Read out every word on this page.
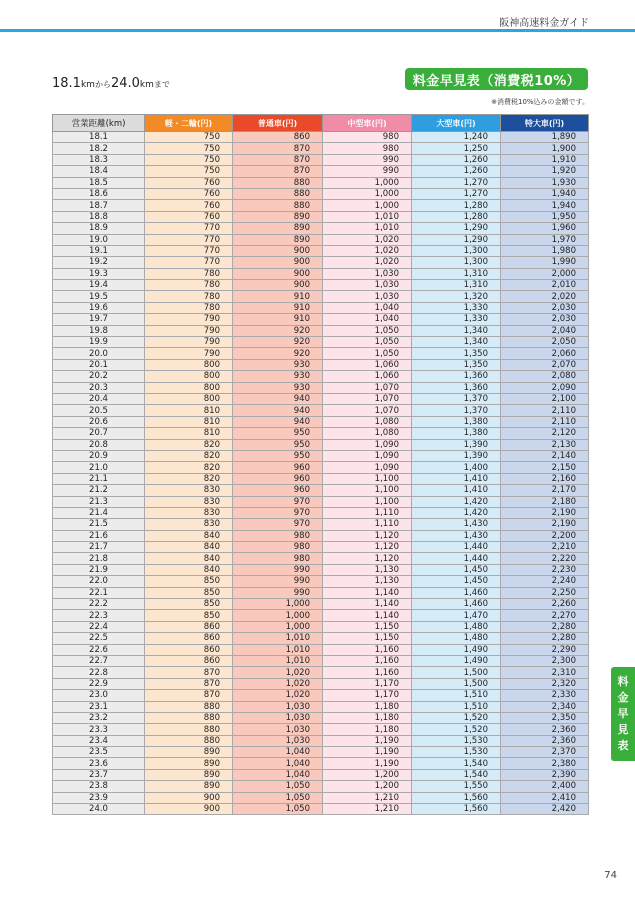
阪神高速料金ガイド
18.1kmから24.0kmまで	料金早見表（消費税10%）
※消費税10%込みの金額です。
営業距離(km)	軽・二輪(円)	普通車(円)	中型車(円)	大型車(円)	特大車(円)
18.1	750	860	980	1,240	1,890
18.2	750	870	980	1,250	1,900
18.3	750	870	990	1,260	1,910
18.4	750	870	990	1,260	1,920
18.5	760	880	1,000	1,270	1,930
18.6	760	880	1,000	1,270	1,940
18.7	760	880	1,000	1,280	1,940
18.8	760	890	1,010	1,280	1,950
18.9	770	890	1,010	1,290	1,960
19.0	770	890	1,020	1,290	1,970
19.1	770	900	1,020	1,300	1,980
19.2	770	900	1,020	1,300	1,990
19.3	780	900	1,030	1,310	2,000
19.4	780	900	1,030	1,310	2,010
19.5	780	910	1,030	1,320	2,020
19.6	780	910	1,040	1,330	2,030
19.7	790	910	1,040	1,330	2,030
19.8	790	920	1,050	1,340	2,040
19.9	790	920	1,050	1,340	2,050
20.0	790	920	1,050	1,350	2,060
20.1	800	930	1,060	1,350	2,070
20.2	800	930	1,060	1,360	2,080
20.3	800	930	1,070	1,360	2,090
20.4	800	940	1,070	1,370	2,100
20.5	810	940	1,070	1,370	2,110
20.6	810	940	1,080	1,380	2,110
20.7	810	950	1,080	1,380	2,120
20.8	820	950	1,090	1,390	2,130
20.9	820	950	1,090	1,390	2,140
21.0	820	960	1,090	1,400	2,150
21.1	820	960	1,100	1,410	2,160
21.2	830	960	1,100	1,410	2,170
21.3	830	970	1,100	1,420	2,180
21.4	830	970	1,110	1,420	2,190
21.5	830	970	1,110	1,430	2,190
21.6	840	980	1,120	1,430	2,200
21.7	840	980	1,120	1,440	2,210
21.8	840	980	1,120	1,440	2,220
21.9	840	990	1,130	1,450	2,230
22.0	850	990	1,130	1,450	2,240
22.1	850	990	1,140	1,460	2,250
22.2	850	1,000	1,140	1,460	2,260
22.3	850	1,000	1,140	1,470	2,270
22.4	860	1,000	1,150	1,480	2,280
22.5	860	1,010	1,150	1,480	2,280
22.6	860	1,010	1,160	1,490	2,290
22.7	860	1,010	1,160	1,490	2,300
22.8	870	1,020	1,160	1,500	2,310
22.9	870	1,020	1,170	1,500	2,320
23.0	870	1,020	1,170	1,510	2,330
23.1	880	1,030	1,180	1,510	2,340
23.2	880	1,030	1,180	1,520	2,350
23.3	880	1,030	1,180	1,520	2,360
23.4	880	1,030	1,190	1,530	2,360
23.5	890	1,040	1,190	1,530	2,370
23.6	890	1,040	1,190	1,540	2,380
23.7	890	1,040	1,200	1,540	2,390
23.8	890	1,050	1,200	1,550	2,400
23.9	900	1,050	1,210	1,560	2,410
24.0	900	1,050	1,210	1,560	2,420
料
金
早
見
表
74
